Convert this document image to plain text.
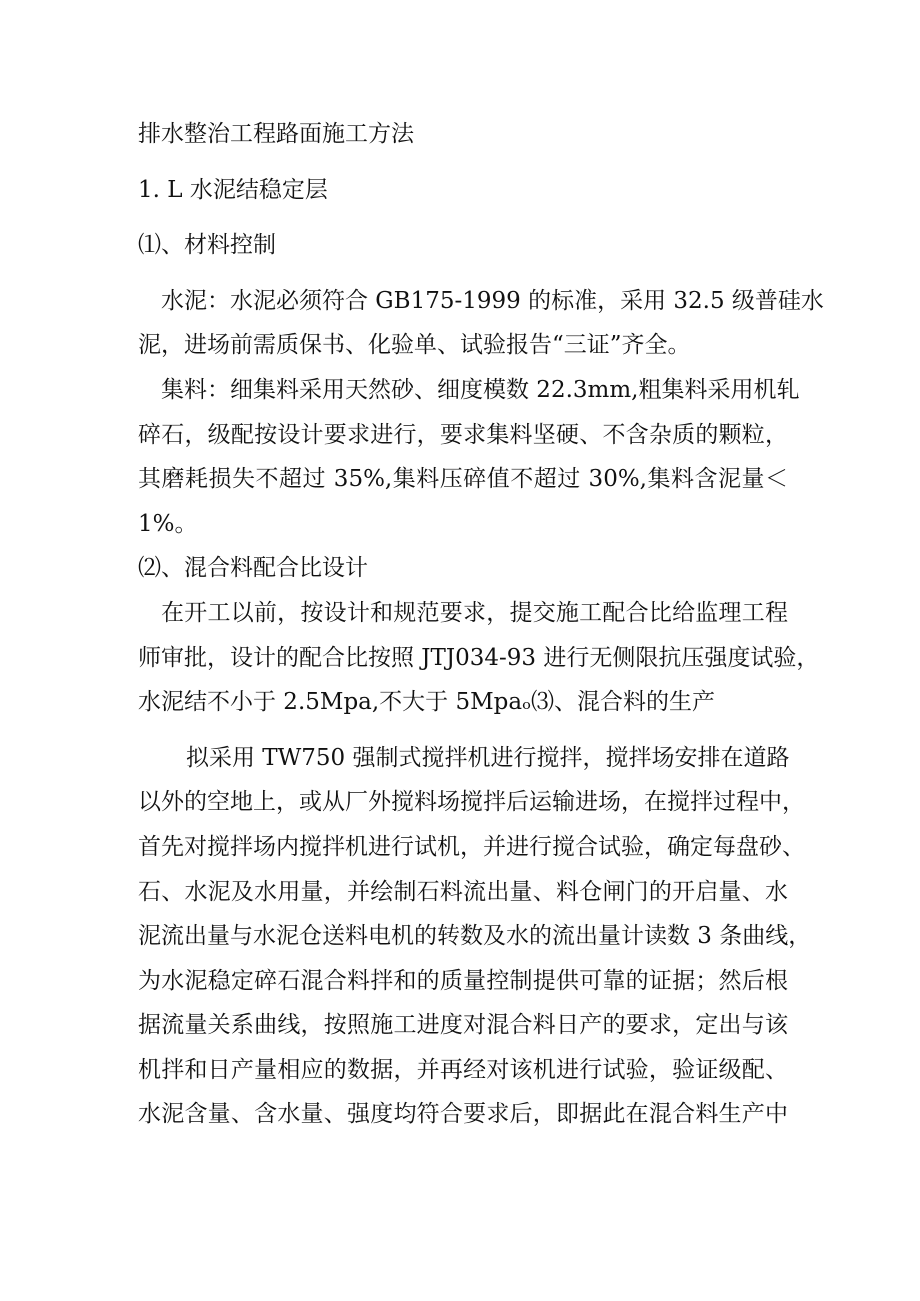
排水整治工程路面施工方法

1. L 水泥结稳定层

⑴、材料控制

水泥：水泥必须符合 GB175-1999 的标准，采用 32.5 级普硅水
泥，进场前需质保书、化验单、试验报告“三证”齐全。
集料：细集料采用天然砂、细度模数 22.3mm,粗集料采用机轧
碎石，级配按设计要求进行，要求集料坚硬、不含杂质的颗粒，
其磨耗损失不超过 35%,集料压碎值不超过 30%,集料含泥量＜
1%。

⑵、混合料配合比设计

在开工以前，按设计和规范要求，提交施工配合比给监理工程
师审批，设计的配合比按照 JTJ034-93 进行无侧限抗压强度试验，
水泥结不小于 2.5Mpa,不大于 5Mpaₒ⑶、混合料的生产
拟采用 TW750 强制式搅拌机进行搅拌，搅拌场安排在道路
以外的空地上，或从厂外搅料场搅拌后运输进场，在搅拌过程中，
首先对搅拌场内搅拌机进行试机，并进行搅合试验，确定每盘砂、
石、水泥及水用量，并绘制石料流出量、料仓闸门的开启量、水
泥流出量与水泥仓送料电机的转数及水的流出量计读数 3 条曲线，
为水泥稳定碎石混合料拌和的质量控制提供可靠的证据；然后根
据流量关系曲线，按照施工进度对混合料日产的要求，定出与该
机拌和日产量相应的数据，并再经对该机进行试验，验证级配、
水泥含量、含水量、强度均符合要求后，即据此在混合料生产中
